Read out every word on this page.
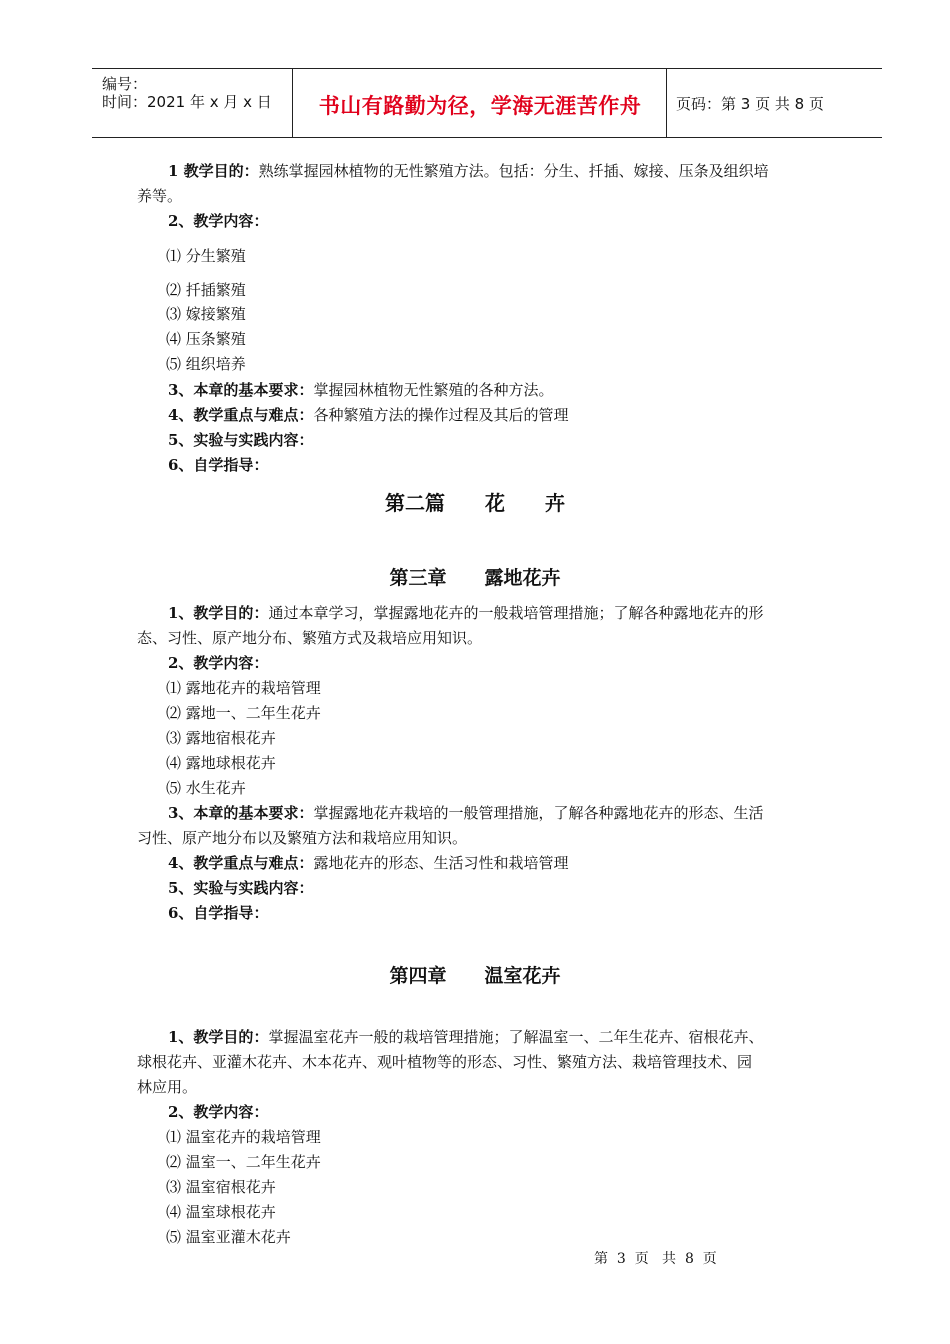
编号：
时间：2021 年 x 月 x 日	书山有路勤为径，学海无涯苦作舟	页码：第 3 页 共 8 页
1 教学目的：熟练掌握园林植物的无性繁殖方法。包括：分生、扦插、嫁接、压条及组织培
养等。
2、教学内容：
⑴ 分生繁殖
⑵ 扦插繁殖
⑶ 嫁接繁殖
⑷ 压条繁殖
⑸ 组织培养
3、本章的基本要求：掌握园林植物无性繁殖的各种方法。
4、教学重点与难点：各种繁殖方法的操作过程及其后的管理
5、实验与实践内容：
6、自学指导：
第二篇　　花　　卉
第三章　　露地花卉
1、教学目的：通过本章学习，掌握露地花卉的一般栽培管理措施；了解各种露地花卉的形
态、习性、原产地分布、繁殖方式及栽培应用知识。
2、教学内容：
⑴ 露地花卉的栽培管理
⑵ 露地一、二年生花卉
⑶ 露地宿根花卉
⑷ 露地球根花卉
⑸ 水生花卉
3、本章的基本要求：掌握露地花卉栽培的一般管理措施，了解各种露地花卉的形态、生活
习性、原产地分布以及繁殖方法和栽培应用知识。
4、教学重点与难点：露地花卉的形态、生活习性和栽培管理
5、实验与实践内容：
6、自学指导：
第四章　　温室花卉
1、教学目的：掌握温室花卉一般的栽培管理措施；了解温室一、二年生花卉、宿根花卉、
球根花卉、亚灌木花卉、木本花卉、观叶植物等的形态、习性、繁殖方法、栽培管理技术、园
林应用。
2、教学内容：
⑴ 温室花卉的栽培管理
⑵ 温室一、二年生花卉
⑶ 温室宿根花卉
⑷ 温室球根花卉
⑸ 温室亚灌木花卉
第  3  页   共  8  页
